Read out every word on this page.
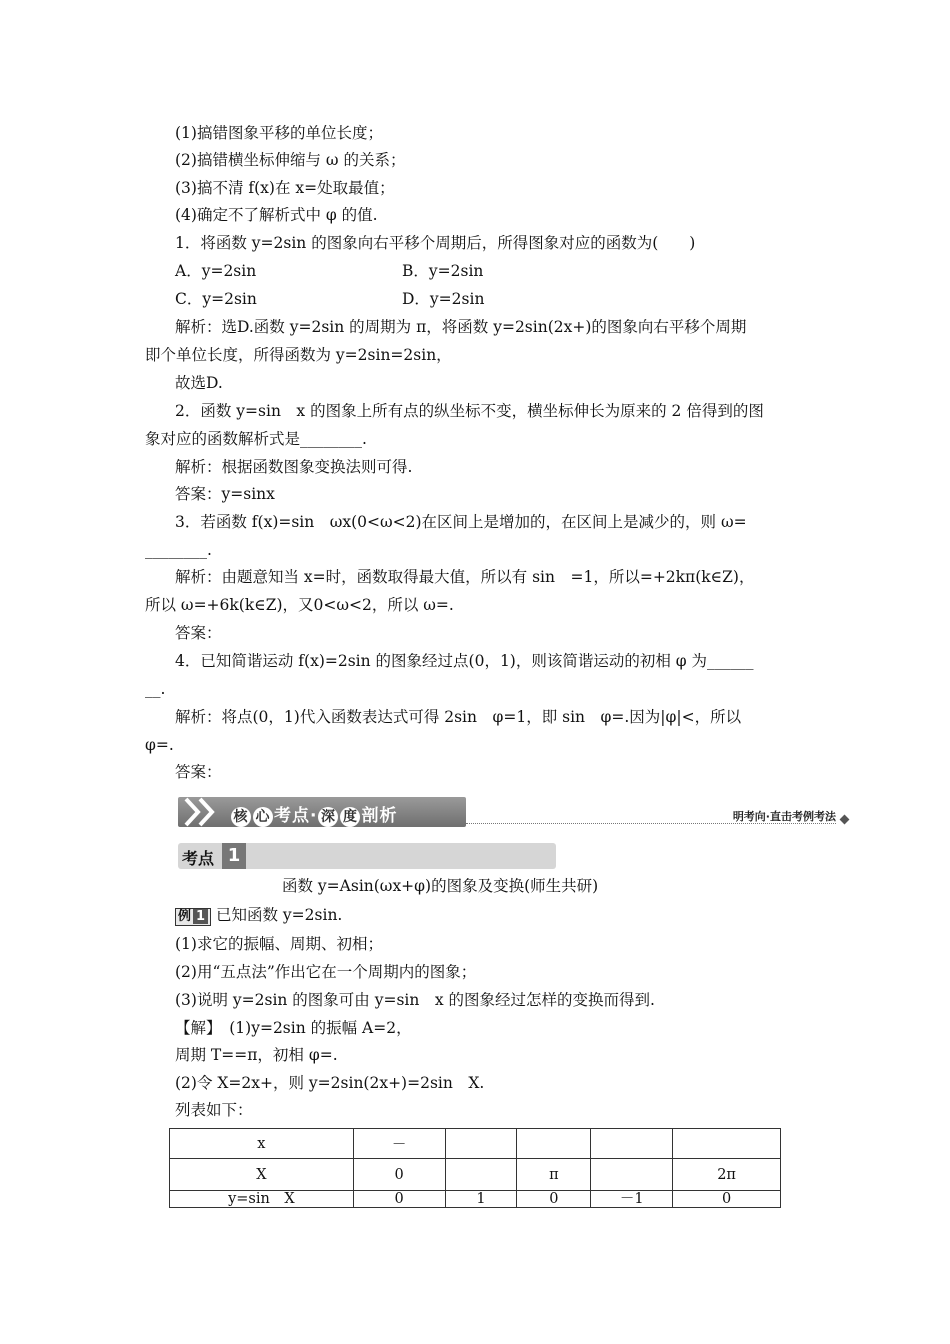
(1)搞错图象平移的单位长度；
(2)搞错横坐标伸缩与 ω 的关系；
(3)搞不清 f(x)在 x=处取最值；
(4)确定不了解析式中 φ 的值.
1．将函数 y=2sin 的图象向右平移个周期后，所得图象对应的函数为(　　)
A．y=2sin	B．y=2sin
C．y=2sin	D．y=2sin
解析：选D.函数 y=2sin 的周期为 π，将函数 y=2sin(2x+)的图象向右平移个周期
即个单位长度，所得函数为 y=2sin=2sin，
故选D.
2．函数 y=sin　x 的图象上所有点的纵坐标不变，横坐标伸长为原来的 2 倍得到的图
象对应的函数解析式是________.
解析：根据函数图象变换法则可得.
答案：y=sinx
3．若函数 f(x)=sin　ωx(0<ω<2)在区间上是增加的，在区间上是减少的，则 ω=
________.
解析：由题意知当 x=时，函数取得最大值，所以有 sin　=1，所以=+2kπ(k∈Z)，
所以 ω=+6k(k∈Z)，又0<ω<2，所以 ω=.
答案：
4．已知简谐运动 f(x)=2sin 的图象经过点(0，1)，则该简谐运动的初相 φ 为______
__.
解析：将点(0，1)代入函数表达式可得 2sin　φ=1，即 sin　φ=.因为|φ|<，所以
φ=.
答案：
核 心 考点· 深 度 剖析	明考向·直击考例考法
考点 1
函数 y=Asin(ωx+φ)的图象及变换(师生共研)
例 1 已知函数 y=2sin.
(1)求它的振幅、周期、初相；
(2)用“五点法”作出它在一个周期内的图象；
(3)说明 y=2sin 的图象可由 y=sin　x 的图象经过怎样的变换而得到.
【解】　(1)y=2sin 的振幅 A=2，
周期 T==π，初相 φ=.
(2)令 X=2x+，则 y=2sin(2x+)=2sin　X.
列表如下：
x	－				
X	0		π		2π
y=sin　X	0	1	0	－1	0
